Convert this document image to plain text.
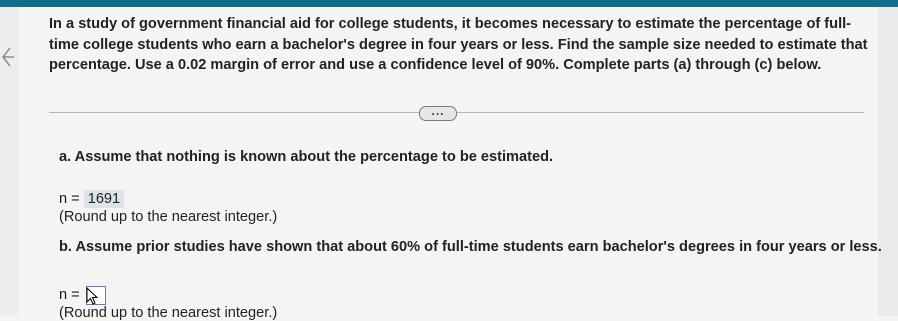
In a study of government financial aid for college students, it becomes necessary to estimate the percentage of full-time college students who earn a bachelor's degree in four years or less. Find the sample size needed to estimate that percentage. Use a 0.02 margin of error and use a confidence level of 90%. Complete parts (a) through (c) below.
...
a. Assume that nothing is known about the percentage to be estimated.
n = 1691
(Round up to the nearest integer.)
b. Assume prior studies have shown that about 60% of full-time students earn bachelor's degrees in four years or less.
n =
(Round up to the nearest integer.)
